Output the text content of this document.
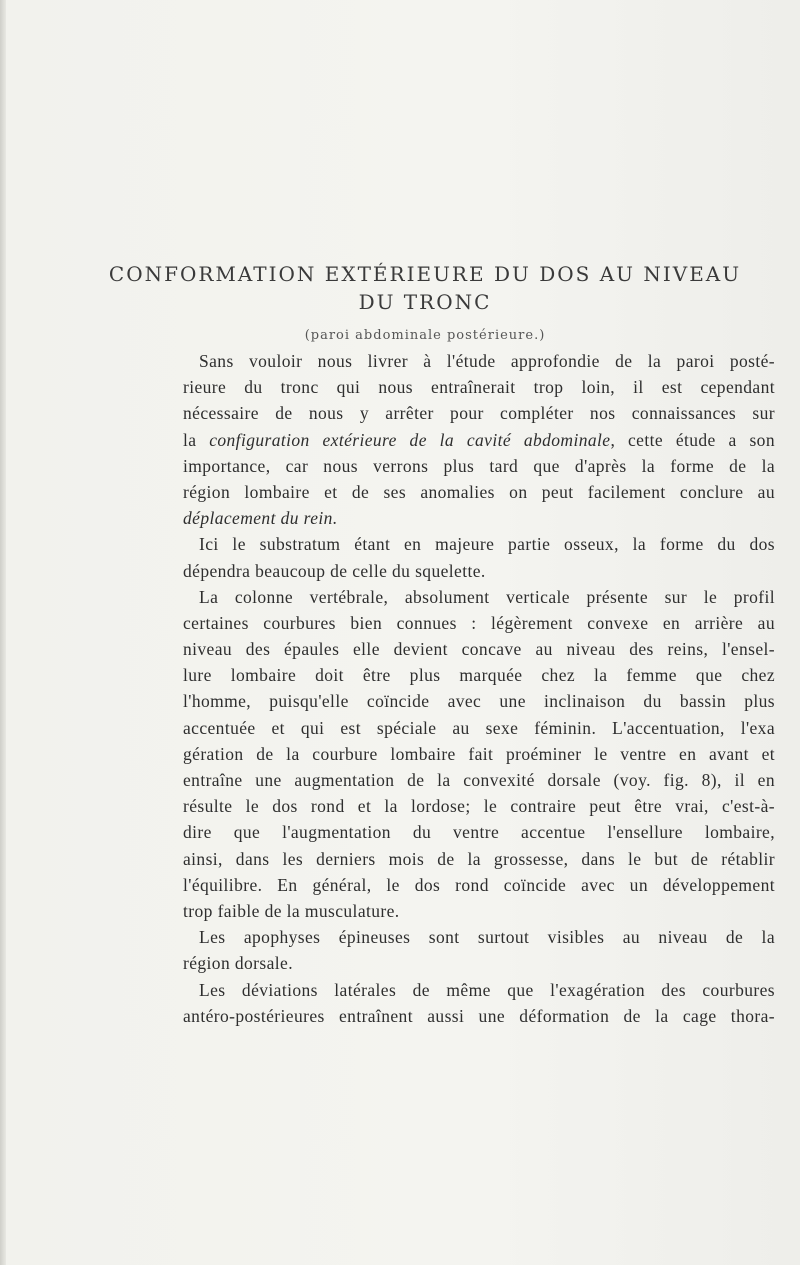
CONFORMATION EXTÉRIEURE DU DOS AU NIVEAU
DU TRONC
(paroi abdominale postérieure.)
Sans vouloir nous livrer à l'étude approfondie de la paroi posté-
rieure du tronc qui nous entraînerait trop loin, il est cependant
nécessaire de nous y arrêter pour compléter nos connaissances sur
la configuration extérieure de la cavité abdominale, cette étude a son
importance, car nous verrons plus tard que d'après la forme de la
région lombaire et de ses anomalies on peut facilement conclure au
déplacement du rein.
Ici le substratum étant en majeure partie osseux, la forme du dos
dépendra beaucoup de celle du squelette.
La colonne vertébrale, absolument verticale présente sur le profil
certaines courbures bien connues : légèrement convexe en arrière au
niveau des épaules elle devient concave au niveau des reins, l'ensel-
lure lombaire doit être plus marquée chez la femme que chez
l'homme, puisqu'elle coïncide avec une inclinaison du bassin plus
accentuée et qui est spéciale au sexe féminin. L'accentuation, l'exa
gération de la courbure lombaire fait proéminer le ventre en avant et
entraîne une augmentation de la convexité dorsale (voy. fig. 8), il en
résulte le dos rond et la lordose; le contraire peut être vrai, c'est-à-
dire que l'augmentation du ventre accentue l'ensellure lombaire,
ainsi, dans les derniers mois de la grossesse, dans le but de rétablir
l'équilibre. En général, le dos rond coïncide avec un développement
trop faible de la musculature.
Les apophyses épineuses sont surtout visibles au niveau de la
région dorsale.
Les déviations latérales de même que l'exagération des courbures
antéro-postérieures entraînent aussi une déformation de la cage thora-
